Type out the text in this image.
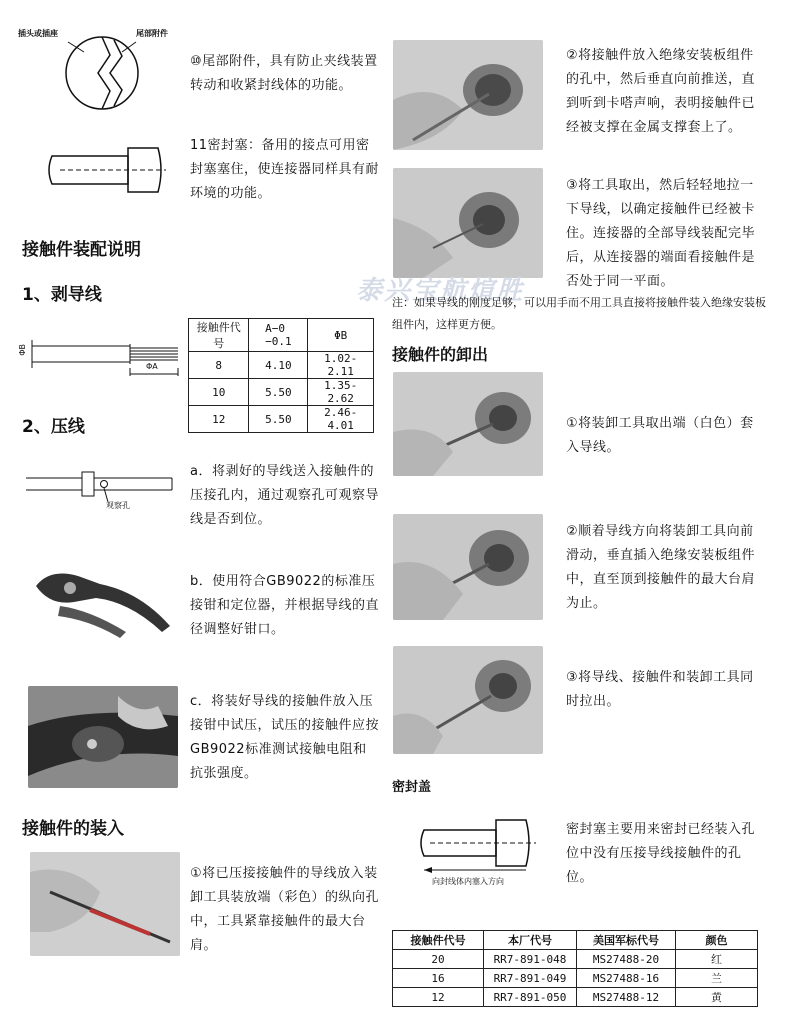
插头或插座	尾部附件
⑩尾部附件，具有防止夹线装置转动和收紧封线体的功能。
11密封塞：备用的接点可用密封塞塞住，使连接器同样具有耐环境的功能。
接触件装配说明
1、剥导线
ΦB
ΦA
接触件代号	A−0 −0.1	ΦB
8	4.10	1.02-2.11
10	5.50	1.35-2.62
12	5.50	2.46-4.01
2、压线
观察孔
a．将剥好的导线送入接触件的压接孔内，通过观察孔可观察导线是否到位。
b．使用符合GB9022的标准压接钳和定位器，并根据导线的直径调整好钳口。
c．将装好导线的接触件放入压接钳中试压，试压的接触件应按GB9022标准测试接触电阻和抗张强度。
接触件的装入
①将已压接接触件的导线放入装卸工具装放端（彩色）的纵向孔中，工具紧靠接触件的最大台肩。
②将接触件放入绝缘安装板组件的孔中，然后垂直向前推送，直到听到卡嗒声响，表明接触件已经被支撑在金属支撑套上了。
③将工具取出，然后轻轻地拉一下导线，以确定接触件已经被卡住。连接器的全部导线装配完毕后，从连接器的端面看接触件是否处于同一平面。
泰兴宝航煊胜
注：如果导线的刚度足够，可以用手而不用工具直接将接触件装入绝缘安装板组件内，这样更方便。
接触件的卸出
①将装卸工具取出端（白色）套入导线。
②顺着导线方向将装卸工具向前滑动，垂直插入绝缘安装板组件中，直至顶到接触件的最大台肩为止。
③将导线、接触件和装卸工具同时拉出。
密封盖
向封线体内塞入方向
密封塞主要用来密封已经装入孔位中没有压接导线接触件的孔位。
接触件代号	本厂代号	美国军标代号	颜色
20	RR7-891-048	MS27488-20	红
16	RR7-891-049	MS27488-16	兰
12	RR7-891-050	MS27488-12	黄
